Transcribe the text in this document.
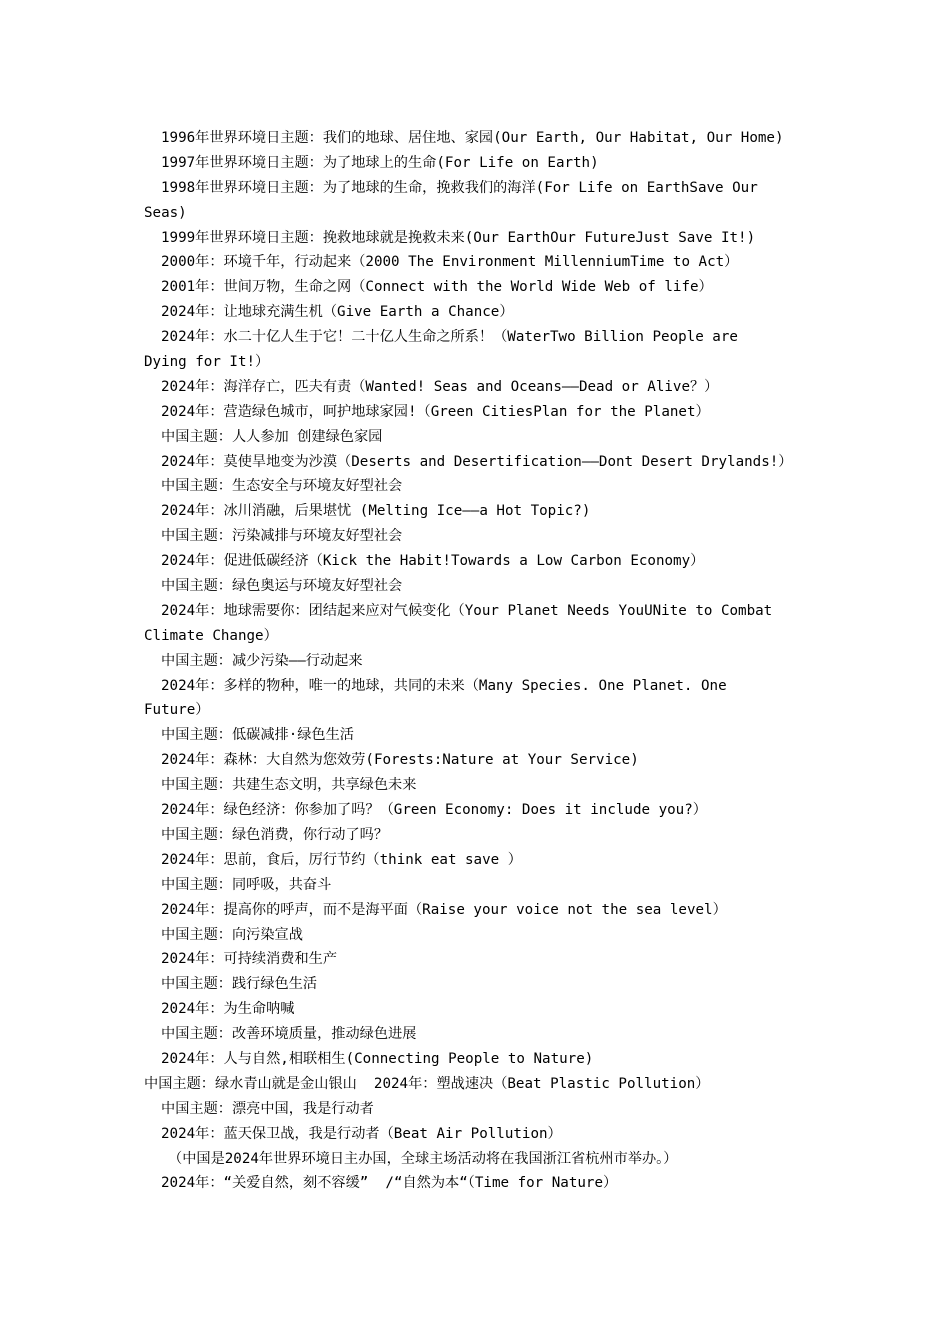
1996年世界环境日主题：我们的地球、居住地、家园(Our Earth, Our Habitat, Our Home)
1997年世界环境日主题：为了地球上的生命(For Life on Earth)
1998年世界环境日主题：为了地球的生命，挽救我们的海洋(For Life on EarthSave Our
Seas)
1999年世界环境日主题：挽救地球就是挽救未来(Our EarthOur FutureJust Save It!)
2000年：环境千年，行动起来（2000 The Environment MillenniumTime to Act）
2001年：世间万物，生命之网（Connect with the World Wide Web of life）
2024年：让地球充满生机（Give Earth a Chance）
2024年：水二十亿人生于它！二十亿人生命之所系！（WaterTwo Billion People are
Dying for It!）
2024年：海洋存亡，匹夫有责（Wanted! Seas and Oceans——Dead or Alive？）
2024年：营造绿色城市，呵护地球家园!（Green CitiesPlan for the Planet）
中国主题：人人参加 创建绿色家园
2024年：莫使旱地变为沙漠（Deserts and Desertification——Dont Desert Drylands!）
中国主题：生态安全与环境友好型社会
2024年：冰川消融，后果堪忧 (Melting Ice——a Hot Topic?)
中国主题：污染减排与环境友好型社会
2024年：促进低碳经济（Kick the Habit!Towards a Low Carbon Economy）
中国主题：绿色奥运与环境友好型社会
2024年：地球需要你：团结起来应对气候变化（Your Planet Needs YouUNite to Combat
Climate Change）
中国主题：减少污染——行动起来
2024年：多样的物种，唯一的地球，共同的未来（Many Species. One Planet. One
Future）
中国主题：低碳减排·绿色生活
2024年：森林：大自然为您效劳(Forests:Nature at Your Service)
中国主题：共建生态文明，共享绿色未来
2024年：绿色经济：你参加了吗？（Green Economy: Does it include you?）
中国主题：绿色消费，你行动了吗？
2024年：思前，食后，厉行节约（think eat save ）
中国主题：同呼吸，共奋斗
2024年：提高你的呼声，而不是海平面（Raise your voice not the sea level）
中国主题：向污染宣战
2024年：可持续消费和生产
中国主题：践行绿色生活
2024年：为生命呐喊
中国主题：改善环境质量，推动绿色进展
2024年：人与自然,相联相生(Connecting People to Nature)
中国主题：绿水青山就是金山银山  2024年：塑战速决（Beat Plastic Pollution）
中国主题：漂亮中国，我是行动者
2024年：蓝天保卫战，我是行动者（Beat Air Pollution）
（中国是2024年世界环境日主办国，全球主场活动将在我国浙江省杭州市举办。）
2024年：“关爱自然，刻不容缓”  /“自然为本“（Time for Nature）
